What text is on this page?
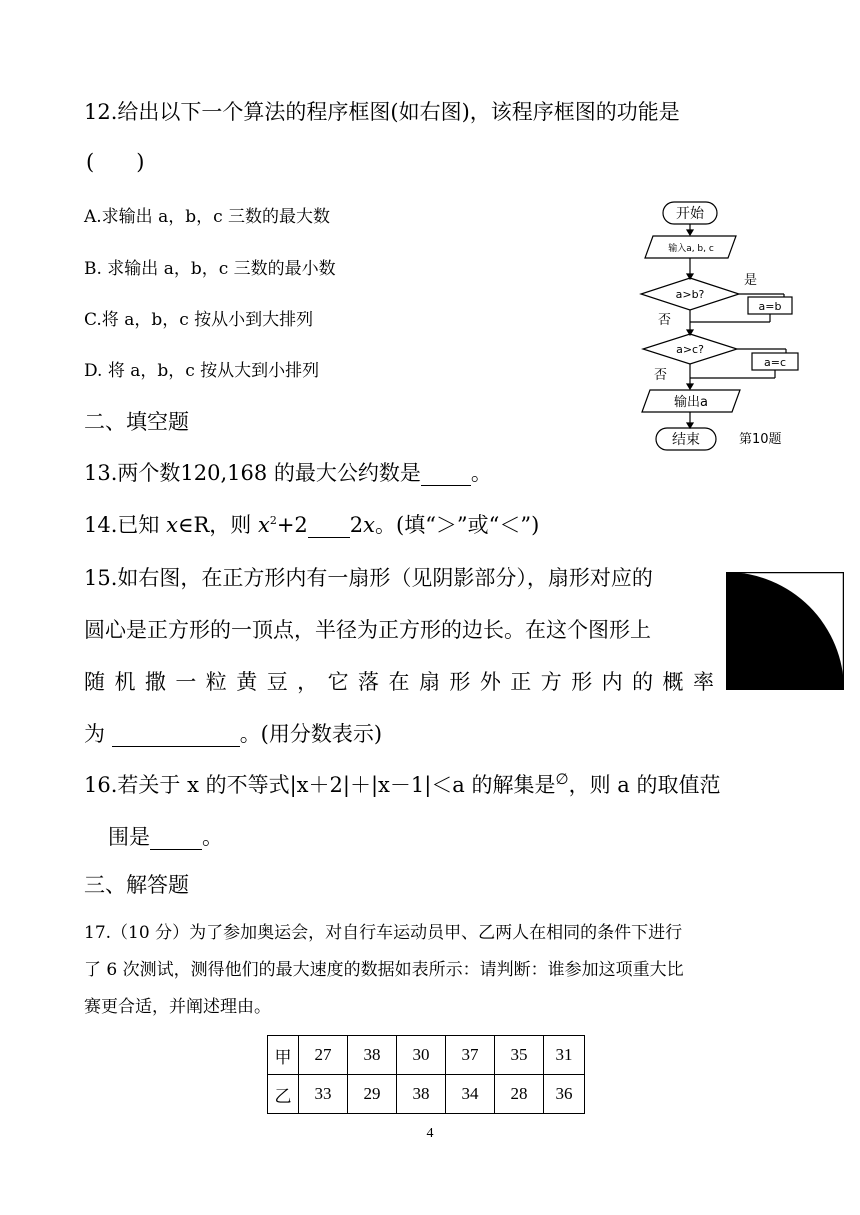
12.给出以下一个算法的程序框图(如右图)，该程序框图的功能是
(　　)
A.求输出 a，b，c 三数的最大数
B. 求输出 a，b，c 三数的最小数
C.将 a，b，c 按从小到大排列
D. 将 a，b，c 按从大到小排列
开始
输入a, b, c
a>b?
是
a=b
否
a>c?
a=c
否
输出a
结束	第10题
二、填空题
13.两个数120,168 的最大公约数是 。
14.已知 x∈R，则 $x^2+2$ 2x。(填“＞”或“＜”)
15.如右图，在正方形内有一扇形（见阴影部分），扇形对应的
圆心是正方形的一顶点，半径为正方形的边长。在这个图形上
随机撒一粒黄豆，它落在扇形外正方形内的概率
为	。(用分数表示)
16.若关于 x 的不等式|x＋2|＋|x－1|＜a 的解集是∅，则 a 的取值范
围是 。
三、解答题
17.（10 分）为了参加奥运会，对自行车运动员甲、乙两人在相同的条件下进行
了 6 次测试，测得他们的最大速度的数据如表所示：请判断：谁参加这项重大比
赛更合适，并阐述理由。
甲	27	38	30	37	35	31
乙	33	29	38	34	28	36
4
